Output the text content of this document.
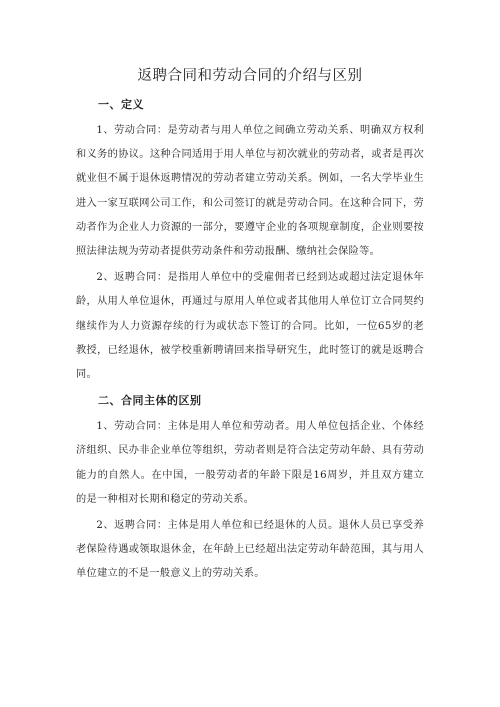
返聘合同和劳动合同的介绍与区别
一、定义

1、劳动合同：是劳动者与用人单位之间确立劳动关系、明确双方权利和义务的协议。这种合同适用于用人单位与初次就业的劳动者，或者是再次就业但不属于退休返聘情况的劳动者建立劳动关系。例如，一名大学毕业生进入一家互联网公司工作，和公司签订的就是劳动合同。在这种合同下，劳动者作为企业人力资源的一部分，要遵守企业的各项规章制度，企业则要按照法律法规为劳动者提供劳动条件和劳动报酬、缴纳社会保险等。

2、返聘合同：是指用人单位中的受雇佣者已经到达或超过法定退休年龄，从用人单位退休，再通过与原用人单位或者其他用人单位订立合同契约继续作为人力资源存续的行为或状态下签订的合同。比如，一位65岁的老教授，已经退休，被学校重新聘请回来指导研究生，此时签订的就是返聘合同。

二、合同主体的区别

1、劳动合同：主体是用人单位和劳动者。用人单位包括企业、个体经济组织、民办非企业单位等组织，劳动者则是符合法定劳动年龄、具有劳动能力的自然人。在中国，一般劳动者的年龄下限是16周岁，并且双方建立的是一种相对长期和稳定的劳动关系。

2、返聘合同：主体是用人单位和已经退休的人员。退休人员已享受养老保险待遇或领取退休金，在年龄上已经超出法定劳动年龄范围，其与用人单位建立的不是一般意义上的劳动关系。
